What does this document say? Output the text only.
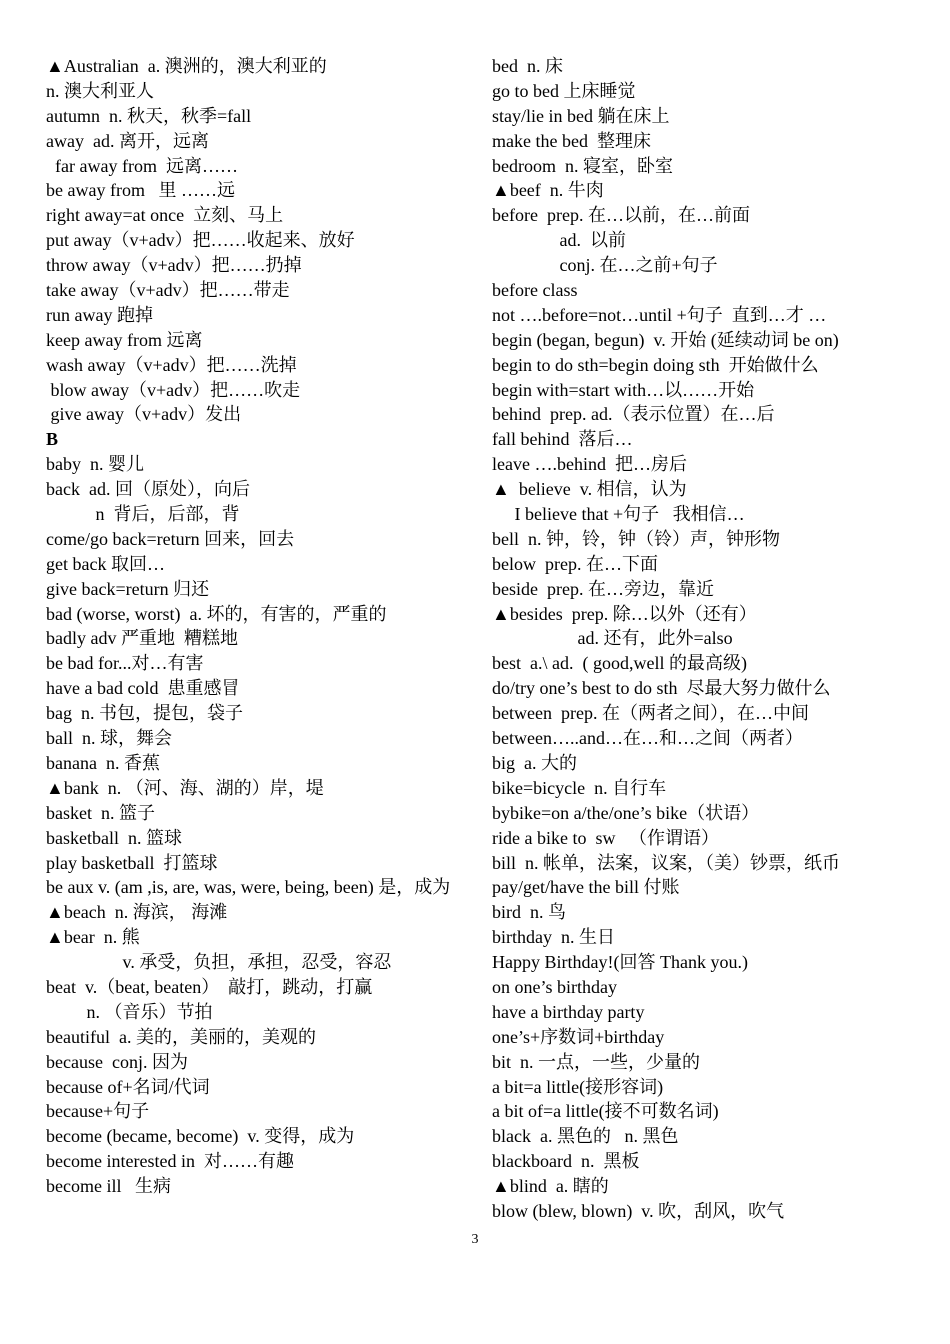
▲Australian  a. 澳洲的，澳大利亚的
n. 澳大利亚人
autumn  n. 秋天，秋季=fall
away  ad. 离开，远离
far away from  远离……
be away from   里 ……远
right away=at once  立刻、马上
put away（v+adv）把……收起来、放好
throw away（v+adv）把……扔掉
take away（v+adv）把……带走
run away 跑掉
keep away from 远离
wash away（v+adv）把……洗掉
blow away（v+adv）把……吹走
give away（v+adv）发出
B
baby  n. 婴儿
back  ad. 回（原处），向后
n  背后，后部，背
come/go back=return 回来，回去
get back 取回…
give back=return 归还
bad (worse, worst)  a. 坏的，有害的，严重的
badly adv 严重地  糟糕地
be bad for...对…有害
have a bad cold  患重感冒
bag  n. 书包，提包，袋子
ball  n. 球，舞会
banana  n. 香蕉
▲bank  n. （河、海、湖的）岸，堤
basket  n. 篮子
basketball  n. 篮球
play basketball  打篮球
be aux v. (am ,is, are, was, were, being, been) 是，成为
▲beach  n. 海滨， 海滩
▲bear  n. 熊
v. 承受，负担，承担，忍受，容忍
beat  v.（beat, beaten）  敲打，跳动，打赢
n. （音乐）节拍
beautiful  a. 美的，美丽的，美观的
because  conj. 因为
because of+名词/代词
because+句子
become (became, become)  v. 变得，成为
become interested in  对……有趣
become ill   生病
bed  n. 床
go to bed 上床睡觉
stay/lie in bed 躺在床上
make the bed  整理床
bedroom  n. 寝室，卧室
▲beef  n. 牛肉
before  prep. 在…以前，在…前面
ad.  以前
conj. 在…之前+句子
before class
not ….before=not…until +句子  直到…才 …
begin (began, begun)  v. 开始 (延续动词 be on)
begin to do sth=begin doing sth  开始做什么
begin with=start with…以……开始
behind  prep. ad.（表示位置）在…后
fall behind  落后…
leave ….behind  把…房后
▲  believe  v. 相信，认为
I believe that +句子   我相信…
bell  n. 钟，铃，钟（铃）声，钟形物
below  prep. 在…下面
beside  prep. 在…旁边，靠近
▲besides  prep. 除…以外（还有）
ad. 还有，此外=also
best  a.\ ad.  ( good,well 的最高级)
do/try one’s best to do sth  尽最大努力做什么
between  prep. 在（两者之间），在…中间
between…..and…在…和…之间（两者）
big  a. 大的
bike=bicycle  n. 自行车
bybike=on a/the/one’s bike（状语）
ride a bike to  sw   （作谓语）
bill  n. 帐单，法案，议案，（美）钞票，纸币
pay/get/have the bill 付账
bird  n. 鸟
birthday  n. 生日
Happy Birthday!(回答 Thank you.)
on one’s birthday
have a birthday party
one’s+序数词+birthday
bit  n. 一点，一些，少量的
a bit=a little(接形容词)
a bit of=a little(接不可数名词)
black  a. 黑色的   n. 黑色
blackboard  n.  黑板
▲blind  a. 瞎的
blow (blew, blown)  v. 吹，刮风，吹气
3
